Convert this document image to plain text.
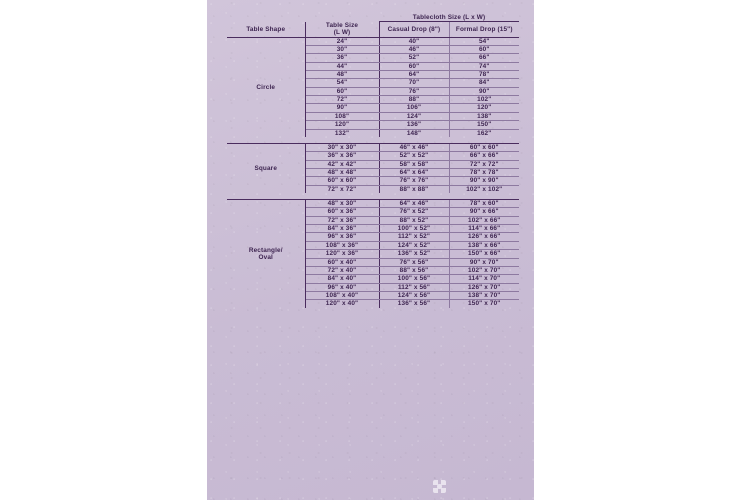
		Tablecloth Size (L x W)	
Table Shape	Table Size
(L W)	Casual Drop (8")	Formal Drop (15")
Circle	24"	40"	54"
	30"	46"	60"
	36"	52"	66"
	44"	60"	74"
	48"	64"	78"
	54"	70"	84"
	60"	76"	90"
	72"	88"	102"
	90"	106"	120"
	108"	124"	138"
	120"	136"	150"
	132"	148"	162"

Square	30" x 30"	46" x 46"	60" x 60"
	36" x 36"	52" x 52"	66" x 66"
	42" x 42"	58" x 58"	72" x 72"
	48" x 48"	64" x 64"	78" x 78"
	60" x 60"	76" x 76"	90" x 90"
	72" x 72"	88" x 88"	102" x 102"

Rectangle/
Oval	48" x 30"	64" x 46"	78" x 60"
	60" x 36"	76" x 52"	90" x 66"
	72" x 36"	88" x 52"	102" x 66"
	84" x 36"	100" x 52"	114" x 66"
	96" x 36"	112" x 52"	126" x 66"
	108" x 36"	124" x 52"	138" x 66"
	120" x 36"	136" x 52"	150" x 66"
	60" x 40"	76" x 56"	90" x 70"
	72" x 40"	88" x 56"	102" x 70"
	84" x 40"	100" x 56"	114" x 70"
	96" x 40"	112" x 56"	126" x 70"
	108" x 40"	124" x 56"	138" x 70"
	120" x 40"	136" x 56"	150" x 70"
